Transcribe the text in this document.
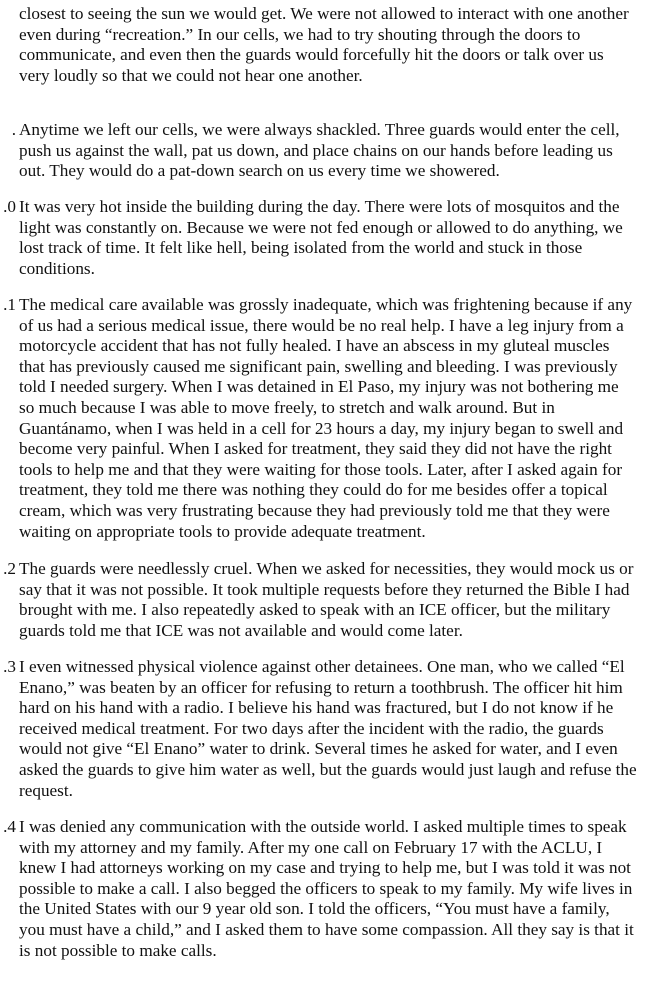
closest to seeing the sun we would get. We were not allowed to interact with one another
even during “recreation.” In our cells, we had to try shouting through the doors to
communicate, and even then the guards would forcefully hit the doors or talk over us
very loudly so that we could not hear one another.
. Anytime we left our cells, we were always shackled. Three guards would enter the cell,
push us against the wall, pat us down, and place chains on our hands before leading us
out. They would do a pat-down search on us every time we showered.
0. It was very hot inside the building during the day. There were lots of mosquitos and the
light was constantly on. Because we were not fed enough or allowed to do anything, we
lost track of time. It felt like hell, being isolated from the world and stuck in those
conditions.
1. The medical care available was grossly inadequate, which was frightening because if any
of us had a serious medical issue, there would be no real help. I have a leg injury from a
motorcycle accident that has not fully healed. I have an abscess in my gluteal muscles
that has previously caused me significant pain, swelling and bleeding. I was previously
told I needed surgery. When I was detained in El Paso, my injury was not bothering me
so much because I was able to move freely, to stretch and walk around. But in
Guantánamo, when I was held in a cell for 23 hours a day, my injury began to swell and
become very painful. When I asked for treatment, they said they did not have the right
tools to help me and that they were waiting for those tools. Later, after I asked again for
treatment, they told me there was nothing they could do for me besides offer a topical
cream, which was very frustrating because they had previously told me that they were
waiting on appropriate tools to provide adequate treatment.
2. The guards were needlessly cruel. When we asked for necessities, they would mock us or
say that it was not possible. It took multiple requests before they returned the Bible I had
brought with me. I also repeatedly asked to speak with an ICE officer, but the military
guards told me that ICE was not available and would come later.
3. I even witnessed physical violence against other detainees. One man, who we called “El
Enano,” was beaten by an officer for refusing to return a toothbrush. The officer hit him
hard on his hand with a radio. I believe his hand was fractured, but I do not know if he
received medical treatment. For two days after the incident with the radio, the guards
would not give “El Enano” water to drink. Several times he asked for water, and I even
asked the guards to give him water as well, but the guards would just laugh and refuse the
request.
4. I was denied any communication with the outside world. I asked multiple times to speak
with my attorney and my family. After my one call on February 17 with the ACLU, I
knew I had attorneys working on my case and trying to help me, but I was told it was not
possible to make a call. I also begged the officers to speak to my family. My wife lives in
the United States with our 9 year old son. I told the officers, “You must have a family,
you must have a child,” and I asked them to have some compassion. All they say is that it
is not possible to make calls.
